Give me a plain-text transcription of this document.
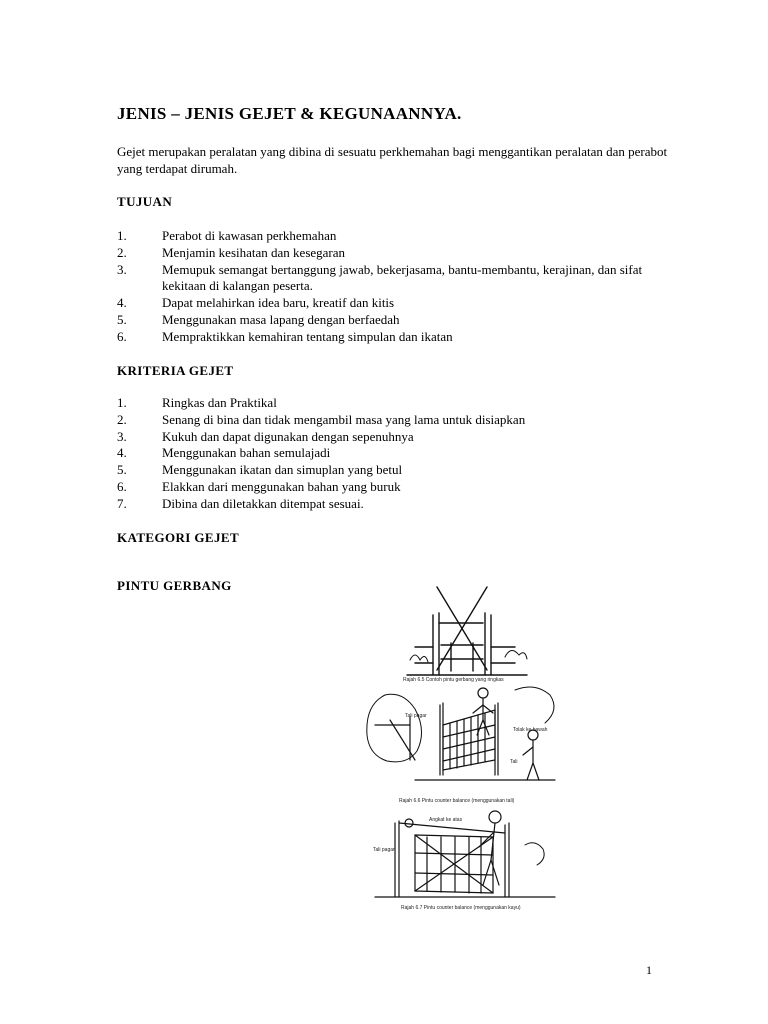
JENIS – JENIS GEJET & KEGUNAANNYA.
Gejet merupakan peralatan yang dibina di sesuatu perkhemahan bagi menggantikan peralatan dan perabot yang terdapat dirumah.
TUJUAN
1.	Perabot di kawasan perkhemahan
2.	Menjamin kesihatan dan kesegaran
3.	Memupuk semangat bertanggung jawab, bekerjasama, bantu-membantu, kerajinan, dan sifat kekitaan di kalangan peserta.
4.	Dapat melahirkan idea baru, kreatif dan kitis
5.	Menggunakan masa lapang dengan berfaedah
6.	Mempraktikkan kemahiran tentang simpulan dan ikatan
KRITERIA GEJET
1.	Ringkas dan Praktikal
2.	Senang di bina dan tidak mengambil masa yang lama untuk disiapkan
3.	Kukuh dan dapat digunakan dengan sepenuhnya
4.	Menggunakan bahan semulajadi
5.	Menggunakan ikatan dan simuplan yang betul
6.	Elakkan dari menggunakan bahan yang buruk
7.	Dibina dan diletakkan ditempat sesuai.
KATEGORI GEJET
PINTU GERBANG
Rajah 6.5 Contoh pintu gerbang yang ringkas
Tali pagar
Tolak ke bawah
Tali
Rajah 6.6 Pintu counter balance (menggunakan tali)
Angkat ke atas
Tali pagar
Rajah 6.7 Pintu counter balance (menggunakan kayu)
1
